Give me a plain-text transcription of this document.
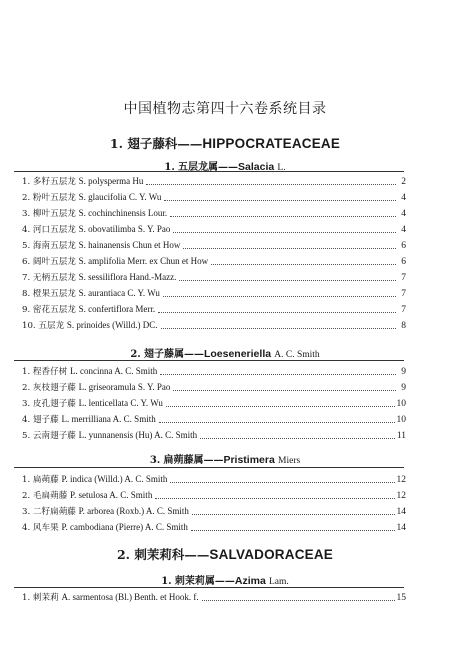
中国植物志第四十六卷系统目录
1. 翅子藤科——HIPPOCRATEACEAE
1. 五层龙属——Salacia L.
1. 多籽五层龙 S. polysperma Hu	2
2. 粉叶五层龙 S. glaucifolia C. Y. Wu	4
3. 柳叶五层龙 S. cochinchinensis Lour.	4
4. 河口五层龙 S. obovatilimba S. Y. Pao	4
5. 海南五层龙 S. hainanensis Chun et How	6
6. 阔叶五层龙 S. amplifolia Merr. ex Chun et How	6
7. 无柄五层龙 S. sessiliflora Hand.-Mazz.	7
8. 橙果五层龙 S. aurantiaca C. Y. Wu	7
9. 密花五层龙 S. confertiflora Merr.	7
10. 五层龙 S. prinoides (Willd.) DC.	8
2. 翅子藤属——Loeseneriella A. C. Smith
1. 程香仔树 L. concinna A. C. Smith	9
2. 灰枝翅子藤 L. griseoramula S. Y. Pao	9
3. 皮孔翅子藤 L. lenticellata C. Y. Wu	10
4. 翅子藤 L. merrilliana A. C. Smith	10
5. 云南翅子藤 L. yunnanensis (Hu) A. C. Smith	11
3. 扁蒴藤属——Pristimera Miers
1. 扁蒴藤 P. indica (Willd.) A. C. Smith	12
2. 毛扁蒴藤 P. setulosa A. C. Smith	12
3. 二籽扁蒴藤 P. arborea (Roxb.) A. C. Smith	14
4. 风车果 P. cambodiana (Pierre) A. C. Smith	14
2. 刺茉莉科——SALVADORACEAE
1. 刺茉莉属——Azima Lam.
1. 刺茉莉 A. sarmentosa (Bl.) Benth. et Hook. f.	15
